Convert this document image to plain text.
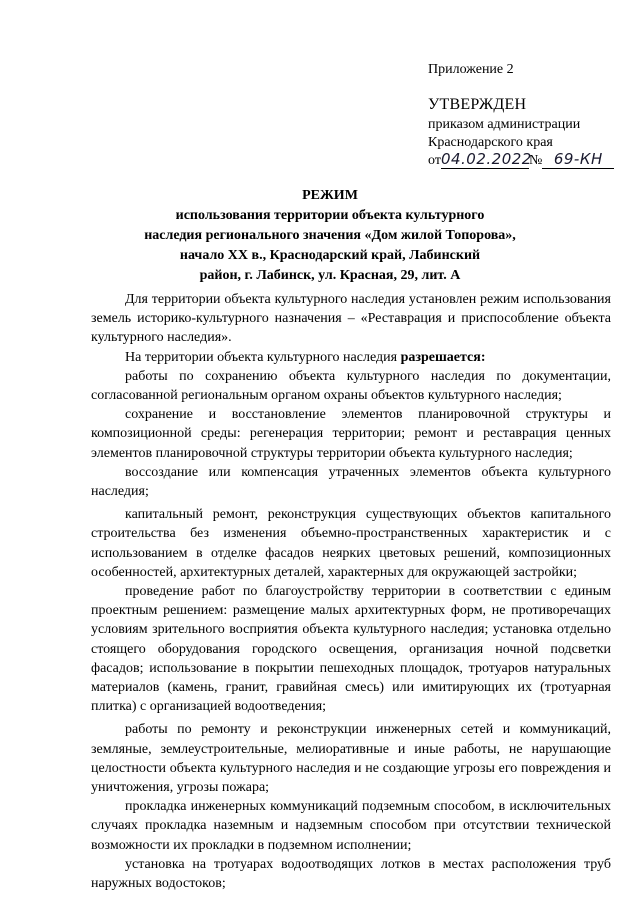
Приложение 2
УТВЕРЖДЕН
приказом администрации
Краснодарского края
от04.02.2022№ 69-КН
РЕЖИМ
использования территории объекта культурного
наследия регионального значения «Дом жилой Топорова»,
начало XX в., Краснодарский край, Лабинский
район, г. Лабинск, ул. Красная, 29, лит. А

Для территории объекта культурного наследия установлен режим использования земель историко-культурного назначения – «Реставрация и приспособление объекта культурного наследия».

На территории объекта культурного наследия разрешается:

работы по сохранению объекта культурного наследия по документации, согласованной региональным органом охраны объектов культурного наследия;

сохранение и восстановление элементов планировочной структуры и композиционной среды: регенерация территории; ремонт и реставрация ценных элементов планировочной структуры территории объекта культурного наследия;

воссоздание или компенсация утраченных элементов объекта культурного наследия;

капитальный ремонт, реконструкция существующих объектов капитального строительства без изменения объемно-пространственных характеристик и с использованием в отделке фасадов неярких цветовых решений, композиционных особенностей, архитектурных деталей, характерных для окружающей застройки;

проведение работ по благоустройству территории в соответствии с единым проектным решением: размещение малых архитектурных форм, не противоречащих условиям зрительного восприятия объекта культурного наследия; установка отдельно стоящего оборудования городского освещения, организация ночной подсветки фасадов; использование в покрытии пешеходных площадок, тротуаров натуральных материалов (камень, гранит, гравийная смесь) или имитирующих их (тротуарная плитка) с организацией водоотведения;

работы по ремонту и реконструкции инженерных сетей и коммуникаций, земляные, землеустроительные, мелиоративные и иные работы, не нарушающие целостности объекта культурного наследия и не создающие угрозы его повреждения и уничтожения, угрозы пожара;

прокладка инженерных коммуникаций подземным способом, в исключительных случаях прокладка наземным и надземным способом при отсутствии технической возможности их прокладки в подземном исполнении;

установка на тротуарах водоотводящих лотков в местах расположения труб наружных водостоков;
